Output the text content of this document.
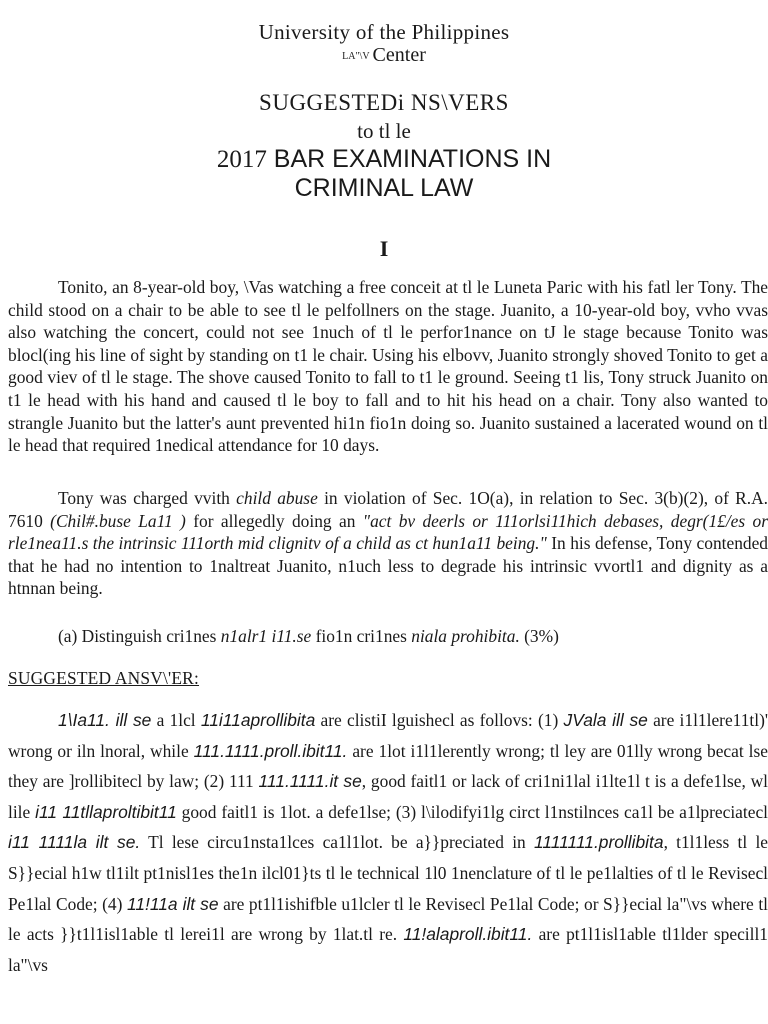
University of the Philippines

LA"\V Center

SUGGESTEDi NS\VERS

to tl le

2017 BAR EXAMINATIONS IN

CRIMINAL LAW

I

Tonito, an 8-year-old boy, \Vas watching a free conceit at tl le Luneta Paric with his fatl ler Tony. The child stood on a chair to be able to see tl le pelfollners on the stage. Juanito, a 10-year-old boy, vvho vvas also watching the concert, could not see 1nuch of tl le perfor1nance on tJ le stage because Tonito was blocl(ing his line of sight by standing on t1 le chair. Using his elbovv, Juanito strongly shoved Tonito to get a good viev of tl le stage. The shove caused Tonito to fall to t1 le ground. Seeing t1 lis, Tony struck Juanito on t1 le head with his hand and caused tl le boy to fall and to hit his head on a chair. Tony also wanted to strangle Juanito but the latter's aunt prevented hi1n fio1n doing so. Juanito sustained a lacerated wound on tl le head that required 1nedical attendance for 10 days.

Tony was charged vvith child abuse in violation of Sec. 1O(a), in relation to Sec. 3(b)(2), of R.A. 7610 (Chil#.buse La11 ) for allegedly doing an "act bv deerls or 111orlsi11hich debases, degr(1£/es or rle1nea11.s the intrinsic 111orth mid clignitv of a child as ct hun1a11 being." In his defense, Tony contended that he had no intention to 1naltreat Juanito, n1uch less to degrade his intrinsic vvortl1 and dignity as a htnnan being.

(a) Distinguish cri1nes n1alr1 i11.se fio1n cri1nes niala prohibita. (3%)
SUGGESTED ANSV\'ER:

1\Ia11. ill se a 1lcl 11i11aprollibita are clistiI lguishecl as follovs: (1) JVala ill se are i1l1lere11tl)' wrong or iln lnoral, while 111.1111.proll.ibit11. are 1lot i1l1lerently wrong; tl ley are 01lly wrong becat lse they are ]rollibitecl by law; (2) 111 111.1111.it se, good faitl1 or lack of cri1ni1lal i1lte1l t is a defe1lse, wl lile i11 11tllaproltibit11 good faitl1 is 1lot. a defe1lse; (3) l\ilodifyi1lg circt l1nstilnces ca1l be a1lpreciatecl i11 1111la ilt se. Tl lese circu1nsta1lces ca1l1lot. be a}}preciated in 1111111.prollibita, t1l1less tl le S}}ecial h1w tl1ilt pt1nisl1es the1n ilcl01}ts tl le technical 1l0 1nenclature of tl le pe1lalties of tl le Revisecl Pe1lal Code; (4) 11!11a ilt se are pt1l1ishifble u1lcler tl le Revisecl Pe1lal Code; or S}}ecial la"\vs where tl le acts }}t1l1isl1able tl lerei1l are wrong by 1lat.tl re. 11!alaproll.ibit11. are pt1l1isl1able tl1lder specill1 la"\vs
